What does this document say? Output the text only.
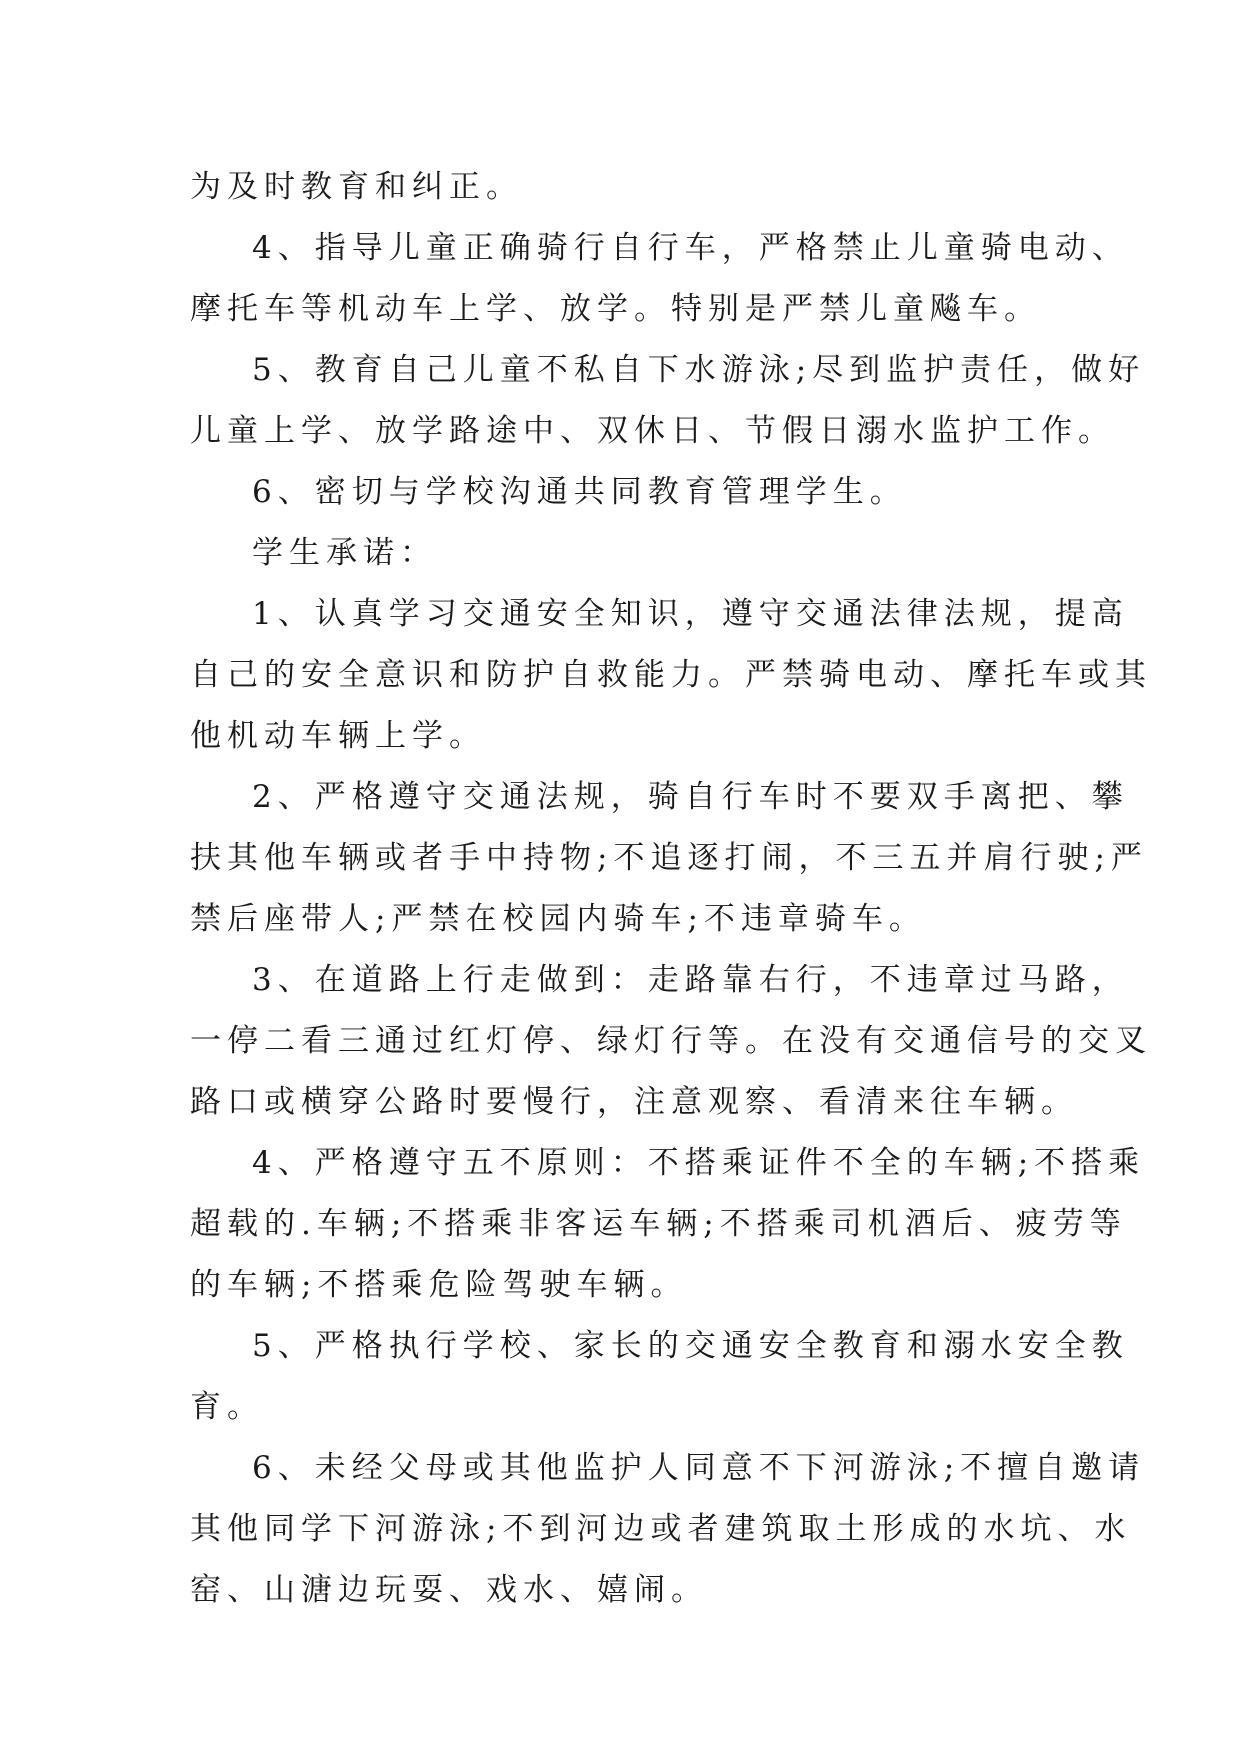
为及时教育和纠正。

4、指导儿童正确骑行自行车，严格禁止儿童骑电动、

摩托车等机动车上学、放学。特别是严禁儿童飚车。

5、教育自己儿童不私自下水游泳;尽到监护责任，做好

儿童上学、放学路途中、双休日、节假日溺水监护工作。

6、密切与学校沟通共同教育管理学生。

学生承诺：

1、认真学习交通安全知识，遵守交通法律法规，提高

自己的安全意识和防护自救能力。严禁骑电动、摩托车或其

他机动车辆上学。

2、严格遵守交通法规，骑自行车时不要双手离把、攀

扶其他车辆或者手中持物;不追逐打闹，不三五并肩行驶;严

禁后座带人;严禁在校园内骑车;不违章骑车。

3、在道路上行走做到：走路靠右行，不违章过马路，

一停二看三通过红灯停、绿灯行等。在没有交通信号的交叉

路口或横穿公路时要慢行，注意观察、看清来往车辆。

4、严格遵守五不原则：不搭乘证件不全的车辆;不搭乘

超载的.车辆;不搭乘非客运车辆;不搭乘司机酒后、疲劳等

的车辆;不搭乘危险驾驶车辆。

5、严格执行学校、家长的交通安全教育和溺水安全教

育。

6、未经父母或其他监护人同意不下河游泳;不擅自邀请

其他同学下河游泳;不到河边或者建筑取土形成的水坑、水

窑、山溏边玩耍、戏水、嬉闹。
